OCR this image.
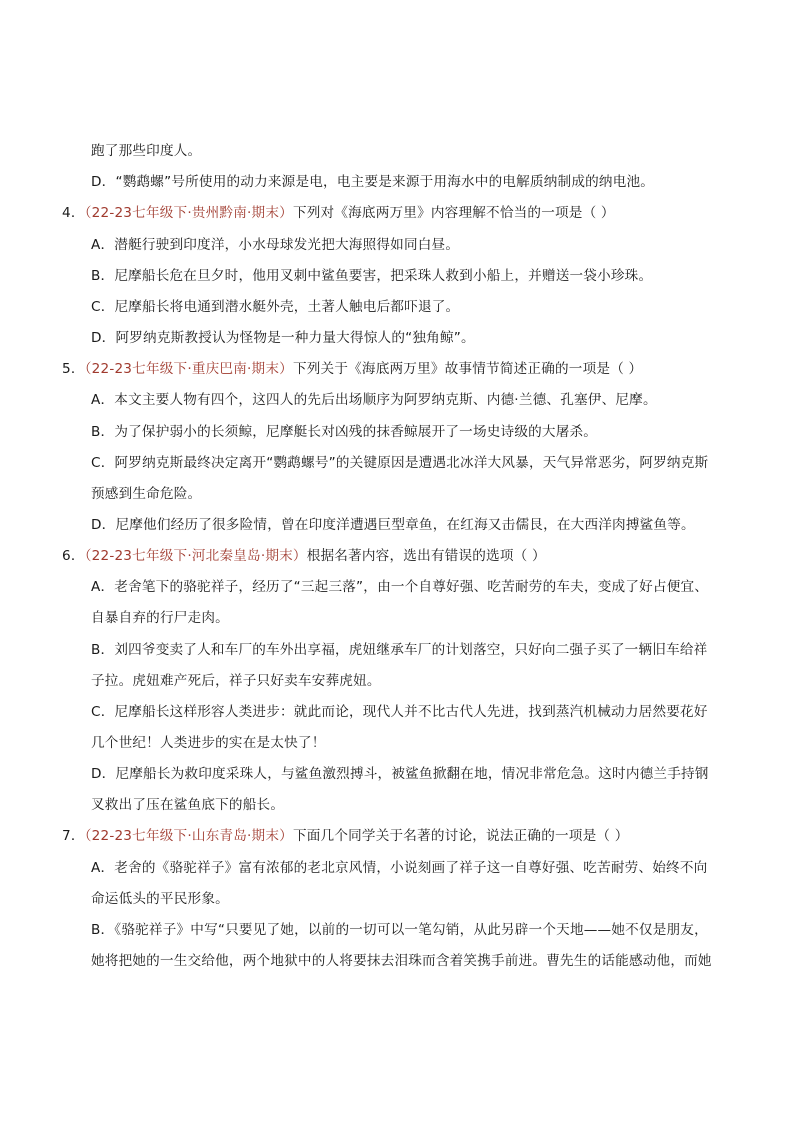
跑了那些印度人。
D．“鹦鹉螺”号所使用的动力来源是电，电主要是来源于用海水中的电解质纳制成的纳电池。
4．（22-23七年级下·贵州黔南·期末）下列对《海底两万里》内容理解不恰当的一项是（ ）
A．潜艇行驶到印度洋，小水母球发光把大海照得如同白昼。
B．尼摩船长危在旦夕时，他用叉刺中鲨鱼要害，把采珠人救到小船上，并赠送一袋小珍珠。
C．尼摩船长将电通到潜水艇外壳，土著人触电后都吓退了。
D．阿罗纳克斯教授认为怪物是一种力量大得惊人的“独角鲸”。
5．（22-23七年级下·重庆巴南·期末）下列关于《海底两万里》故事情节简述正确的一项是（ ）
A．本文主要人物有四个，这四人的先后出场顺序为阿罗纳克斯、内德·兰德、孔塞伊、尼摩。
B．为了保护弱小的长须鲸，尼摩艇长对凶残的抹香鲸展开了一场史诗级的大屠杀。
C．阿罗纳克斯最终决定离开“鹦鹉螺号”的关键原因是遭遇北冰洋大风暴，天气异常恶劣，阿罗纳克斯
预感到生命危险。
D．尼摩他们经历了很多险情，曾在印度洋遭遇巨型章鱼，在红海又击儒艮，在大西洋肉搏鲨鱼等。
6．（22-23七年级下·河北秦皇岛·期末）根据名著内容，选出有错误的选项（ ）
A．老舍笔下的骆驼祥子，经历了“三起三落”，由一个自尊好强、吃苦耐劳的车夫，变成了好占便宜、
自暴自弃的行尸走肉。
B．刘四爷变卖了人和车厂的车外出享福，虎妞继承车厂的计划落空，只好向二强子买了一辆旧车给祥
子拉。虎妞难产死后，祥子只好卖车安葬虎妞。
C．尼摩船长这样形容人类进步：就此而论，现代人并不比古代人先进，找到蒸汽机械动力居然要花好
几个世纪！人类进步的实在是太快了！
D．尼摩船长为救印度采珠人，与鲨鱼激烈搏斗，被鲨鱼掀翻在地，情况非常危急。这时内德兰手持钢
叉救出了压在鲨鱼底下的船长。
7．（22-23七年级下·山东青岛·期末）下面几个同学关于名著的讨论，说法正确的一项是（ ）
A．老舍的《骆驼祥子》富有浓郁的老北京风情，小说刻画了祥子这一自尊好强、吃苦耐劳、始终不向
命运低头的平民形象。
B．《骆驼祥子》中写“只要见了她，以前的一切可以一笔勾销，从此另辟一个天地——她不仅是朋友，
她将把她的一生交给他，两个地狱中的人将要抹去泪珠而含着笑携手前进。曹先生的话能感动他，而她
